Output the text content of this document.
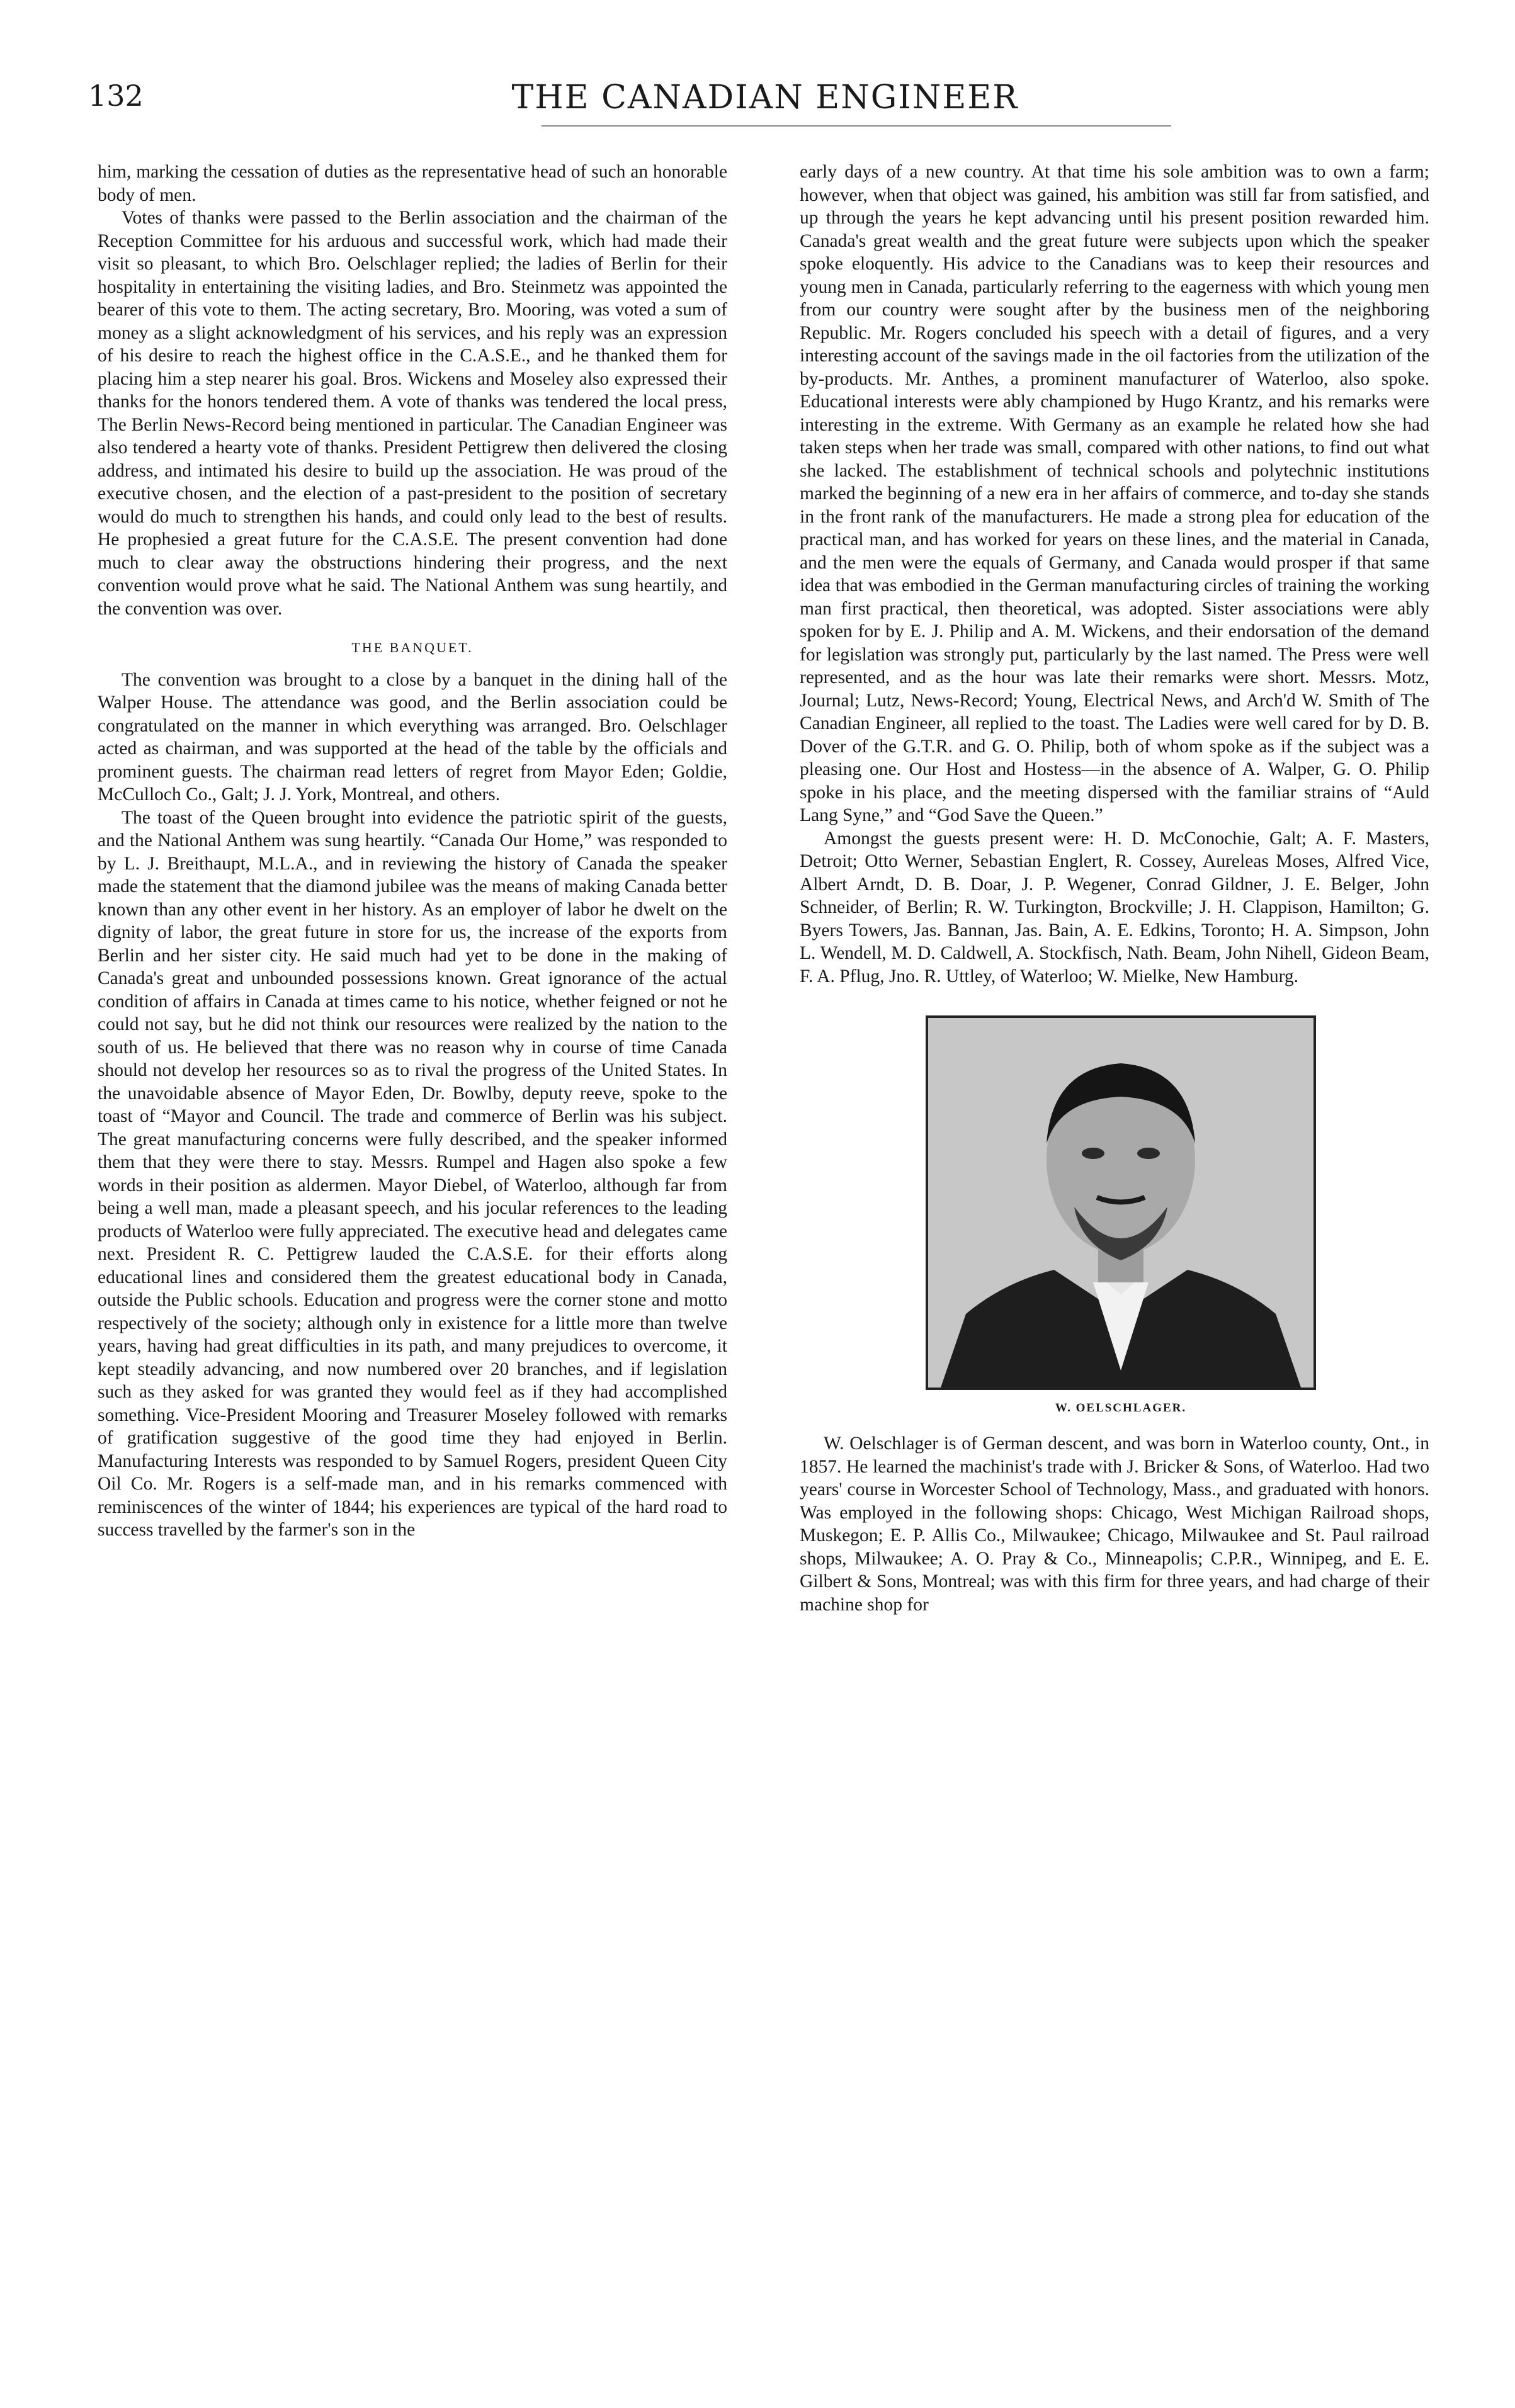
132	THE CANADIAN ENGINEER

him, marking the cessation of duties as the representative head of such an honorable body of men.

Votes of thanks were passed to the Berlin association and the chairman of the Reception Committee for his arduous and successful work, which had made their visit so pleasant, to which Bro. Oelschlager replied; the ladies of Berlin for their hospitality in entertaining the visiting ladies, and Bro. Steinmetz was appointed the bearer of this vote to them. The acting secretary, Bro. Mooring, was voted a sum of money as a slight acknowledgment of his services, and his reply was an expression of his desire to reach the highest office in the C.A.S.E., and he thanked them for placing him a step nearer his goal. Bros. Wickens and Moseley also expressed their thanks for the honors tendered them. A vote of thanks was tendered the local press, The Berlin News-Record being mentioned in particular. The Canadian Engineer was also tendered a hearty vote of thanks. President Pettigrew then delivered the closing address, and intimated his desire to build up the association. He was proud of the executive chosen, and the election of a past-president to the position of secretary would do much to strengthen his hands, and could only lead to the best of results. He prophesied a great future for the C.A.S.E. The present convention had done much to clear away the obstructions hindering their progress, and the next convention would prove what he said. The National Anthem was sung heartily, and the convention was over.

THE BANQUET.

The convention was brought to a close by a banquet in the dining hall of the Walper House. The attendance was good, and the Berlin association could be congratulated on the manner in which everything was arranged. Bro. Oelschlager acted as chairman, and was supported at the head of the table by the officials and prominent guests. The chairman read letters of regret from Mayor Eden; Goldie, McCulloch Co., Galt; J. J. York, Montreal, and others.

The toast of the Queen brought into evidence the patriotic spirit of the guests, and the National Anthem was sung heartily. “Canada Our Home,” was responded to by L. J. Breithaupt, M.L.A., and in reviewing the history of Canada the speaker made the statement that the diamond jubilee was the means of making Canada better known than any other event in her history. As an employer of labor he dwelt on the dignity of labor, the great future in store for us, the increase of the exports from Berlin and her sister city. He said much had yet to be done in the making of Canada's great and unbounded possessions known. Great ignorance of the actual condition of affairs in Canada at times came to his notice, whether feigned or not he could not say, but he did not think our resources were realized by the nation to the south of us. He believed that there was no reason why in course of time Canada should not develop her resources so as to rival the progress of the United States. In the unavoidable absence of Mayor Eden, Dr. Bowlby, deputy reeve, spoke to the toast of “Mayor and Council. The trade and commerce of Berlin was his subject. The great manufacturing concerns were fully described, and the speaker informed them that they were there to stay. Messrs. Rumpel and Hagen also spoke a few words in their position as aldermen. Mayor Diebel, of Waterloo, although far from being a well man, made a pleasant speech, and his jocular references to the leading products of Waterloo were fully appreciated. The executive head and delegates came next. President R. C. Pettigrew lauded the C.A.S.E. for their efforts along educational lines and considered them the greatest educational body in Canada, outside the Public schools. Education and progress were the corner stone and motto respectively of the society; although only in existence for a little more than twelve years, having had great difficulties in its path, and many prejudices to overcome, it kept steadily advancing, and now numbered over 20 branches, and if legislation such as they asked for was granted they would feel as if they had accomplished something. Vice-President Mooring and Treasurer Moseley followed with remarks of gratification suggestive of the good time they had enjoyed in Berlin. Manufacturing Interests was responded to by Samuel Rogers, president Queen City Oil Co. Mr. Rogers is a self-made man, and in his remarks commenced with reminiscences of the winter of 1844; his experiences are typical of the hard road to success travelled by the farmer's son in the

early days of a new country. At that time his sole ambition was to own a farm; however, when that object was gained, his ambition was still far from satisfied, and up through the years he kept advancing until his present position rewarded him. Canada's great wealth and the great future were subjects upon which the speaker spoke eloquently. His advice to the Canadians was to keep their resources and young men in Canada, particularly referring to the eagerness with which young men from our country were sought after by the business men of the neighboring Republic. Mr. Rogers concluded his speech with a detail of figures, and a very interesting account of the savings made in the oil factories from the utilization of the by-products. Mr. Anthes, a prominent manufacturer of Waterloo, also spoke. Educational interests were ably championed by Hugo Krantz, and his remarks were interesting in the extreme. With Germany as an example he related how she had taken steps when her trade was small, compared with other nations, to find out what she lacked. The establishment of technical schools and polytechnic institutions marked the beginning of a new era in her affairs of commerce, and to-day she stands in the front rank of the manufacturers. He made a strong plea for education of the practical man, and has worked for years on these lines, and the material in Canada, and the men were the equals of Germany, and Canada would prosper if that same idea that was embodied in the German manufacturing circles of training the working man first practical, then theoretical, was adopted. Sister associations were ably spoken for by E. J. Philip and A. M. Wickens, and their endorsation of the demand for legislation was strongly put, particularly by the last named. The Press were well represented, and as the hour was late their remarks were short. Messrs. Motz, Journal; Lutz, News-Record; Young, Electrical News, and Arch'd W. Smith of The Canadian Engineer, all replied to the toast. The Ladies were well cared for by D. B. Dover of the G.T.R. and G. O. Philip, both of whom spoke as if the subject was a pleasing one. Our Host and Hostess—in the absence of A. Walper, G. O. Philip spoke in his place, and the meeting dispersed with the familiar strains of “Auld Lang Syne,” and “God Save the Queen.”

Amongst the guests present were: H. D. McConochie, Galt; A. F. Masters, Detroit; Otto Werner, Sebastian Englert, R. Cossey, Aureleas Moses, Alfred Vice, Albert Arndt, D. B. Doar, J. P. Wegener, Conrad Gildner, J. E. Belger, John Schneider, of Berlin; R. W. Turkington, Brockville; J. H. Clappison, Hamilton; G. Byers Towers, Jas. Bannan, Jas. Bain, A. E. Edkins, Toronto; H. A. Simpson, John L. Wendell, M. D. Caldwell, A. Stockfisch, Nath. Beam, John Nihell, Gideon Beam, F. A. Pflug, Jno. R. Uttley, of Waterloo; W. Mielke, New Hamburg.

W. OELSCHLAGER.

W. Oelschlager is of German descent, and was born in Waterloo county, Ont., in 1857. He learned the machinist's trade with J. Bricker & Sons, of Waterloo. Had two years' course in Worcester School of Technology, Mass., and graduated with honors. Was employed in the following shops: Chicago, West Michigan Railroad shops, Muskegon; E. P. Allis Co., Milwaukee; Chicago, Milwaukee and St. Paul railroad shops, Milwaukee; A. O. Pray & Co., Minneapolis; C.P.R., Winnipeg, and E. E. Gilbert & Sons, Montreal; was with this firm for three years, and had charge of their machine shop for
